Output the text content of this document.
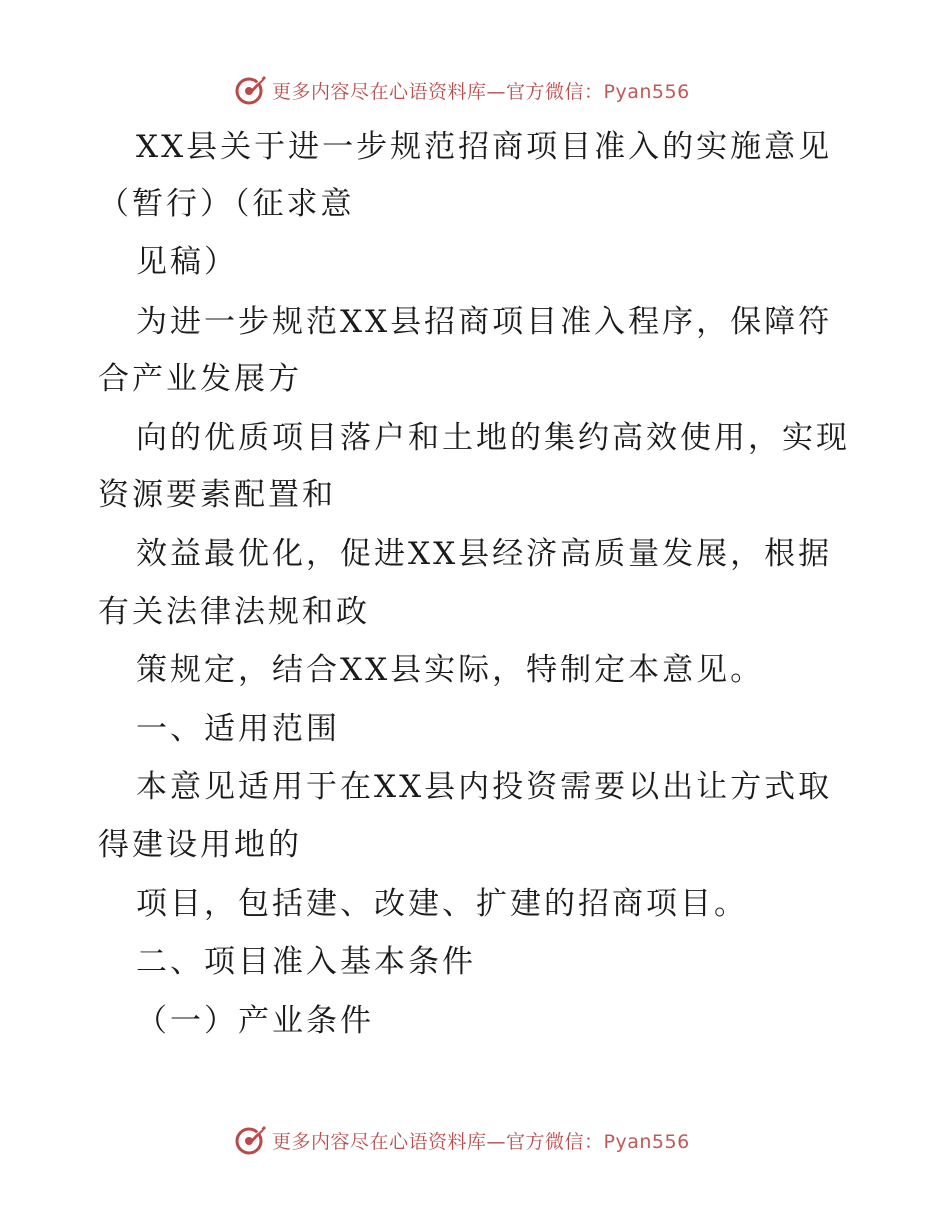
更多内容尽在心语资料库—官方微信：Pyan556
XX县关于进一步规范招商项目准入的实施意见
（暂行）（征求意
见稿）
为进一步规范XX县招商项目准入程序，保障符
合产业发展方
向的优质项目落户和土地的集约高效使用，实现
资源要素配置和
效益最优化，促进XX县经济高质量发展，根据
有关法律法规和政
策规定，结合XX县实际，特制定本意见。
一、适用范围
本意见适用于在XX县内投资需要以出让方式取
得建设用地的
项目，包括建、改建、扩建的招商项目。
二、项目准入基本条件
（一）产业条件
更多内容尽在心语资料库—官方微信：Pyan556
